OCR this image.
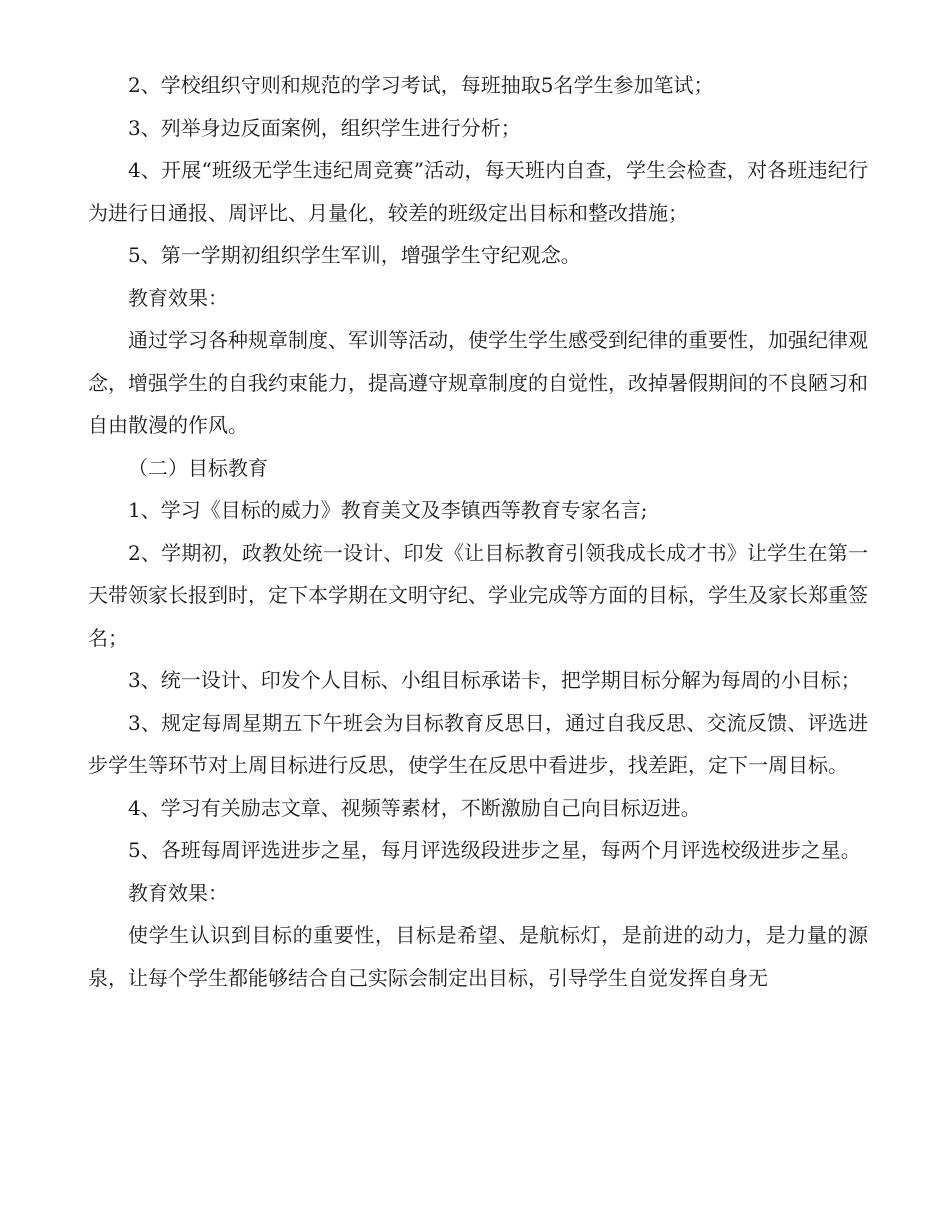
2、学校组织守则和规范的学习考试，每班抽取5名学生参加笔试；

3、列举身边反面案例，组织学生进行分析；

4、开展“班级无学生违纪周竞赛”活动，每天班内自查，学生会检查，对各班违纪行为进行日通报、周评比、月量化，较差的班级定出目标和整改措施；

5、第一学期初组织学生军训，增强学生守纪观念。

教育效果：

通过学习各种规章制度、军训等活动，使学生学生感受到纪律的重要性，加强纪律观念，增强学生的自我约束能力，提高遵守规章制度的自觉性，改掉暑假期间的不良陋习和自由散漫的作风。

（二）目标教育

1、学习《目标的威力》教育美文及李镇西等教育专家名言;

2、学期初，政教处统一设计、印发《让目标教育引领我成长成才书》让学生在第一天带领家长报到时，定下本学期在文明守纪、学业完成等方面的目标，学生及家长郑重签名；

3、统一设计、印发个人目标、小组目标承诺卡，把学期目标分解为每周的小目标；

3、规定每周星期五下午班会为目标教育反思日，通过自我反思、交流反馈、评选进步学生等环节对上周目标进行反思，使学生在反思中看进步，找差距，定下一周目标。

4、学习有关励志文章、视频等素材，不断激励自己向目标迈进。

5、各班每周评选进步之星，每月评选级段进步之星，每两个月评选校级进步之星。

教育效果：

使学生认识到目标的重要性，目标是希望、是航标灯，是前进的动力，是力量的源泉，让每个学生都能够结合自己实际会制定出目标，引导学生自觉发挥自身无
